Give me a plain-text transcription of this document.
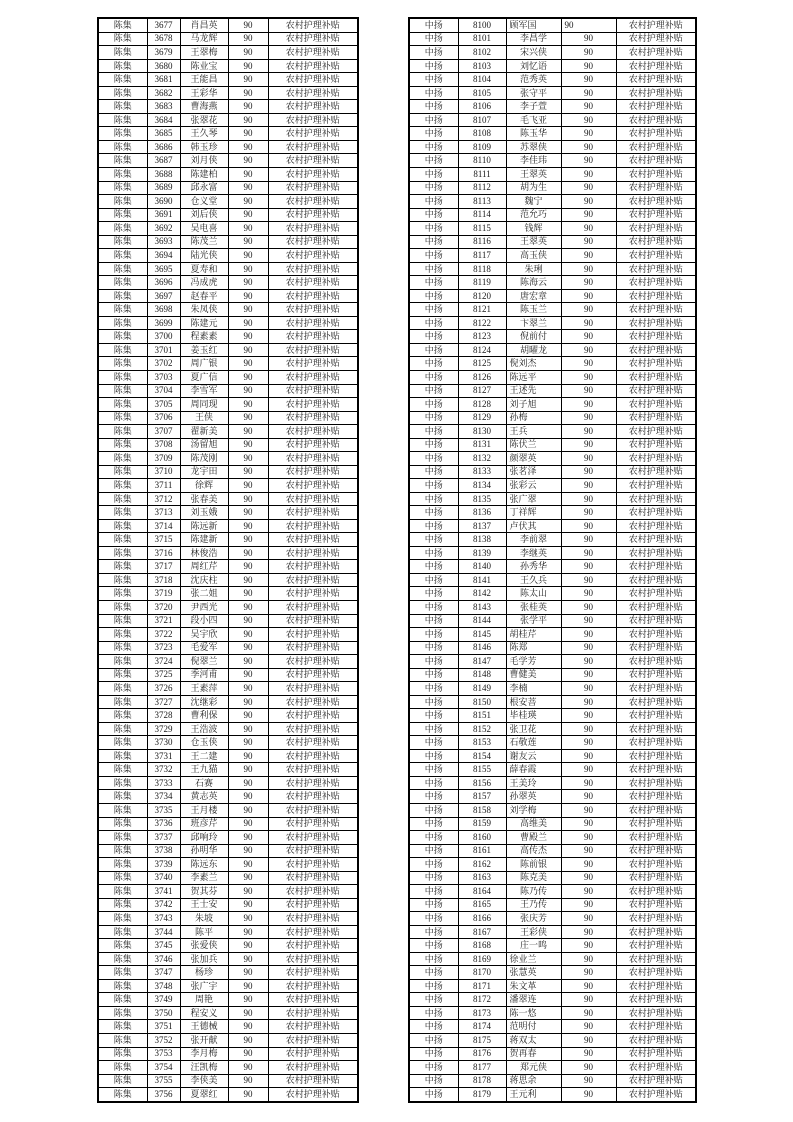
陈集	3677	肖昌英	90	农村护理补贴
陈集	3678	马龙辉	90	农村护理补贴
陈集	3679	王翠梅	90	农村护理补贴
陈集	3680	陈业宝	90	农村护理补贴
陈集	3681	王能昌	90	农村护理补贴
陈集	3682	王彩华	90	农村护理补贴
陈集	3683	曹海燕	90	农村护理补贴
陈集	3684	张翠花	90	农村护理补贴
陈集	3685	王久琴	90	农村护理补贴
陈集	3686	韩玉珍	90	农村护理补贴
陈集	3687	刘月侠	90	农村护理补贴
陈集	3688	陈建柏	90	农村护理补贴
陈集	3689	邱永富	90	农村护理补贴
陈集	3690	仓义堂	90	农村护理补贴
陈集	3691	刘后侠	90	农村护理补贴
陈集	3692	吴电喜	90	农村护理补贴
陈集	3693	陈茂兰	90	农村护理补贴
陈集	3694	陆光侠	90	农村护理补贴
陈集	3695	夏寿和	90	农村护理补贴
陈集	3696	冯成虎	90	农村护理补贴
陈集	3697	赵春平	90	农村护理补贴
陈集	3698	朱凤侠	90	农村护理补贴
陈集	3699	陈建元	90	农村护理补贴
陈集	3700	程素素	90	农村护理补贴
陈集	3701	姜玉红	90	农村护理补贴
陈集	3702	周广银	90	农村护理补贴
陈集	3703	夏广信	90	农村护理补贴
陈集	3704	李雪军	90	农村护理补贴
陈集	3705	周同现	90	农村护理补贴
陈集	3706	王侠	90	农村护理补贴
陈集	3707	翟新美	90	农村护理补贴
陈集	3708	汤留旭	90	农村护理补贴
陈集	3709	陈茂刚	90	农村护理补贴
陈集	3710	龙宇田	90	农村护理补贴
陈集	3711	徐辉	90	农村护理补贴
陈集	3712	张春美	90	农村护理补贴
陈集	3713	刘玉娥	90	农村护理补贴
陈集	3714	陈远新	90	农村护理补贴
陈集	3715	陈建新	90	农村护理补贴
陈集	3716	林俊浩	90	农村护理补贴
陈集	3717	周红芹	90	农村护理补贴
陈集	3718	沈庆柱	90	农村护理补贴
陈集	3719	张二姐	90	农村护理补贴
陈集	3720	尹西光	90	农村护理补贴
陈集	3721	段小四	90	农村护理补贴
陈集	3722	吴宇欣	90	农村护理补贴
陈集	3723	毛爱军	90	农村护理补贴
陈集	3724	倪翠兰	90	农村护理补贴
陈集	3725	季河甫	90	农村护理补贴
陈集	3726	王素萍	90	农村护理补贴
陈集	3727	沈继彩	90	农村护理补贴
陈集	3728	曹利保	90	农村护理补贴
陈集	3729	王浩波	90	农村护理补贴
陈集	3730	仓玉侠	90	农村护理补贴
陈集	3731	王二建	90	农村护理补贴
陈集	3732	王九猫	90	农村护理补贴
陈集	3733	石赛	90	农村护理补贴
陈集	3734	黄志英	90	农村护理补贴
陈集	3735	王月楼	90	农村护理补贴
陈集	3736	班彦芹	90	农村护理补贴
陈集	3737	邱响玲	90	农村护理补贴
陈集	3738	孙明华	90	农村护理补贴
陈集	3739	陈远东	90	农村护理补贴
陈集	3740	李素兰	90	农村护理补贴
陈集	3741	贺其芬	90	农村护理补贴
陈集	3742	王士安	90	农村护理补贴
陈集	3743	朱坡	90	农村护理补贴
陈集	3744	陈平	90	农村护理补贴
陈集	3745	张爱侠	90	农村护理补贴
陈集	3746	张加兵	90	农村护理补贴
陈集	3747	杨珍	90	农村护理补贴
陈集	3748	张广宇	90	农村护理补贴
陈集	3749	周艳	90	农村护理补贴
陈集	3750	程安义	90	农村护理补贴
陈集	3751	王德械	90	农村护理补贴
陈集	3752	张开献	90	农村护理补贴
陈集	3753	李月梅	90	农村护理补贴
陈集	3754	汪凯梅	90	农村护理补贴
陈集	3755	李侠美	90	农村护理补贴
陈集	3756	夏翠红	90	农村护理补贴
中扬	8100	顾军国	90	农村护理补贴
中扬	8101	李昌学	90	农村护理补贴
中扬	8102	宋兴侠	90	农村护理补贴
中扬	8103	刘忆语	90	农村护理补贴
中扬	8104	范秀英	90	农村护理补贴
中扬	8105	张守平	90	农村护理补贴
中扬	8106	李子萱	90	农村护理补贴
中扬	8107	毛飞亚	90	农村护理补贴
中扬	8108	陈玉华	90	农村护理补贴
中扬	8109	苏翠侠	90	农村护理补贴
中扬	8110	李佳玮	90	农村护理补贴
中扬	8111	王翠英	90	农村护理补贴
中扬	8112	胡为生	90	农村护理补贴
中扬	8113	魏宁	90	农村护理补贴
中扬	8114	范允巧	90	农村护理补贴
中扬	8115	钱辉	90	农村护理补贴
中扬	8116	王翠英	90	农村护理补贴
中扬	8117	高玉侠	90	农村护理补贴
中扬	8118	朱琍	90	农村护理补贴
中扬	8119	陈海云	90	农村护理补贴
中扬	8120	唐宏章	90	农村护理补贴
中扬	8121	陈玉兰	90	农村护理补贴
中扬	8122	卞翠兰	90	农村护理补贴
中扬	8123	倪前付	90	农村护理补贴
中扬	8124	胡曜龙	90	农村护理补贴
中扬	8125	倪刘杰	90	农村护理补贴
中扬	8126	陈远平	90	农村护理补贴
中扬	8127	王述先	90	农村护理补贴
中扬	8128	刘子旭	90	农村护理补贴
中扬	8129	孙梅	90	农村护理补贴
中扬	8130	王兵	90	农村护理补贴
中扬	8131	陈伏兰	90	农村护理补贴
中扬	8132	颜翠英	90	农村护理补贴
中扬	8133	张茗泽	90	农村护理补贴
中扬	8134	张彩云	90	农村护理补贴
中扬	8135	张广翠	90	农村护理补贴
中扬	8136	丁祥辉	90	农村护理补贴
中扬	8137	卢伏其	90	农村护理补贴
中扬	8138	李前翠	90	农村护理补贴
中扬	8139	李继英	90	农村护理补贴
中扬	8140	孙秀华	90	农村护理补贴
中扬	8141	王久兵	90	农村护理补贴
中扬	8142	陈太山	90	农村护理补贴
中扬	8143	张桂英	90	农村护理补贴
中扬	8144	张学平	90	农村护理补贴
中扬	8145	胡桂芹	90	农村护理补贴
中扬	8146	陈郑	90	农村护理补贴
中扬	8147	毛学芳	90	农村护理补贴
中扬	8148	曹健美	90	农村护理补贴
中扬	8149	李楠	90	农村护理补贴
中扬	8150	根安菩	90	农村护理补贴
中扬	8151	毕桂瑛	90	农村护理补贴
中扬	8152	张卫花	90	农村护理补贴
中扬	8153	石敬莲	90	农村护理补贴
中扬	8154	谢友云	90	农村护理补贴
中扬	8155	薛春霞	90	农村护理补贴
中扬	8156	王美玲	90	农村护理补贴
中扬	8157	孙翠英	90	农村护理补贴
中扬	8158	刘学梅	90	农村护理补贴
中扬	8159	高维美	90	农村护理补贴
中扬	8160	曹殿兰	90	农村护理补贴
中扬	8161	高传杰	90	农村护理补贴
中扬	8162	陈前银	90	农村护理补贴
中扬	8163	陈克美	90	农村护理补贴
中扬	8164	陈乃传	90	农村护理补贴
中扬	8165	王乃传	90	农村护理补贴
中扬	8166	张庆芳	90	农村护理补贴
中扬	8167	王彩侠	90	农村护理补贴
中扬	8168	庄一鸣	90	农村护理补贴
中扬	8169	徐业兰	90	农村护理补贴
中扬	8170	张慧英	90	农村护理补贴
中扬	8171	朱文革	90	农村护理补贴
中扬	8172	潘翠连	90	农村护理补贴
中扬	8173	陈一悠	90	农村护理补贴
中扬	8174	范明付	90	农村护理补贴
中扬	8175	蒋双太	90	农村护理补贴
中扬	8176	贺再春	90	农村护理补贴
中扬	8177	郑元侠	90	农村护理补贴
中扬	8178	蒋思余	90	农村护理补贴
中扬	8179	王元利	90	农村护理补贴
